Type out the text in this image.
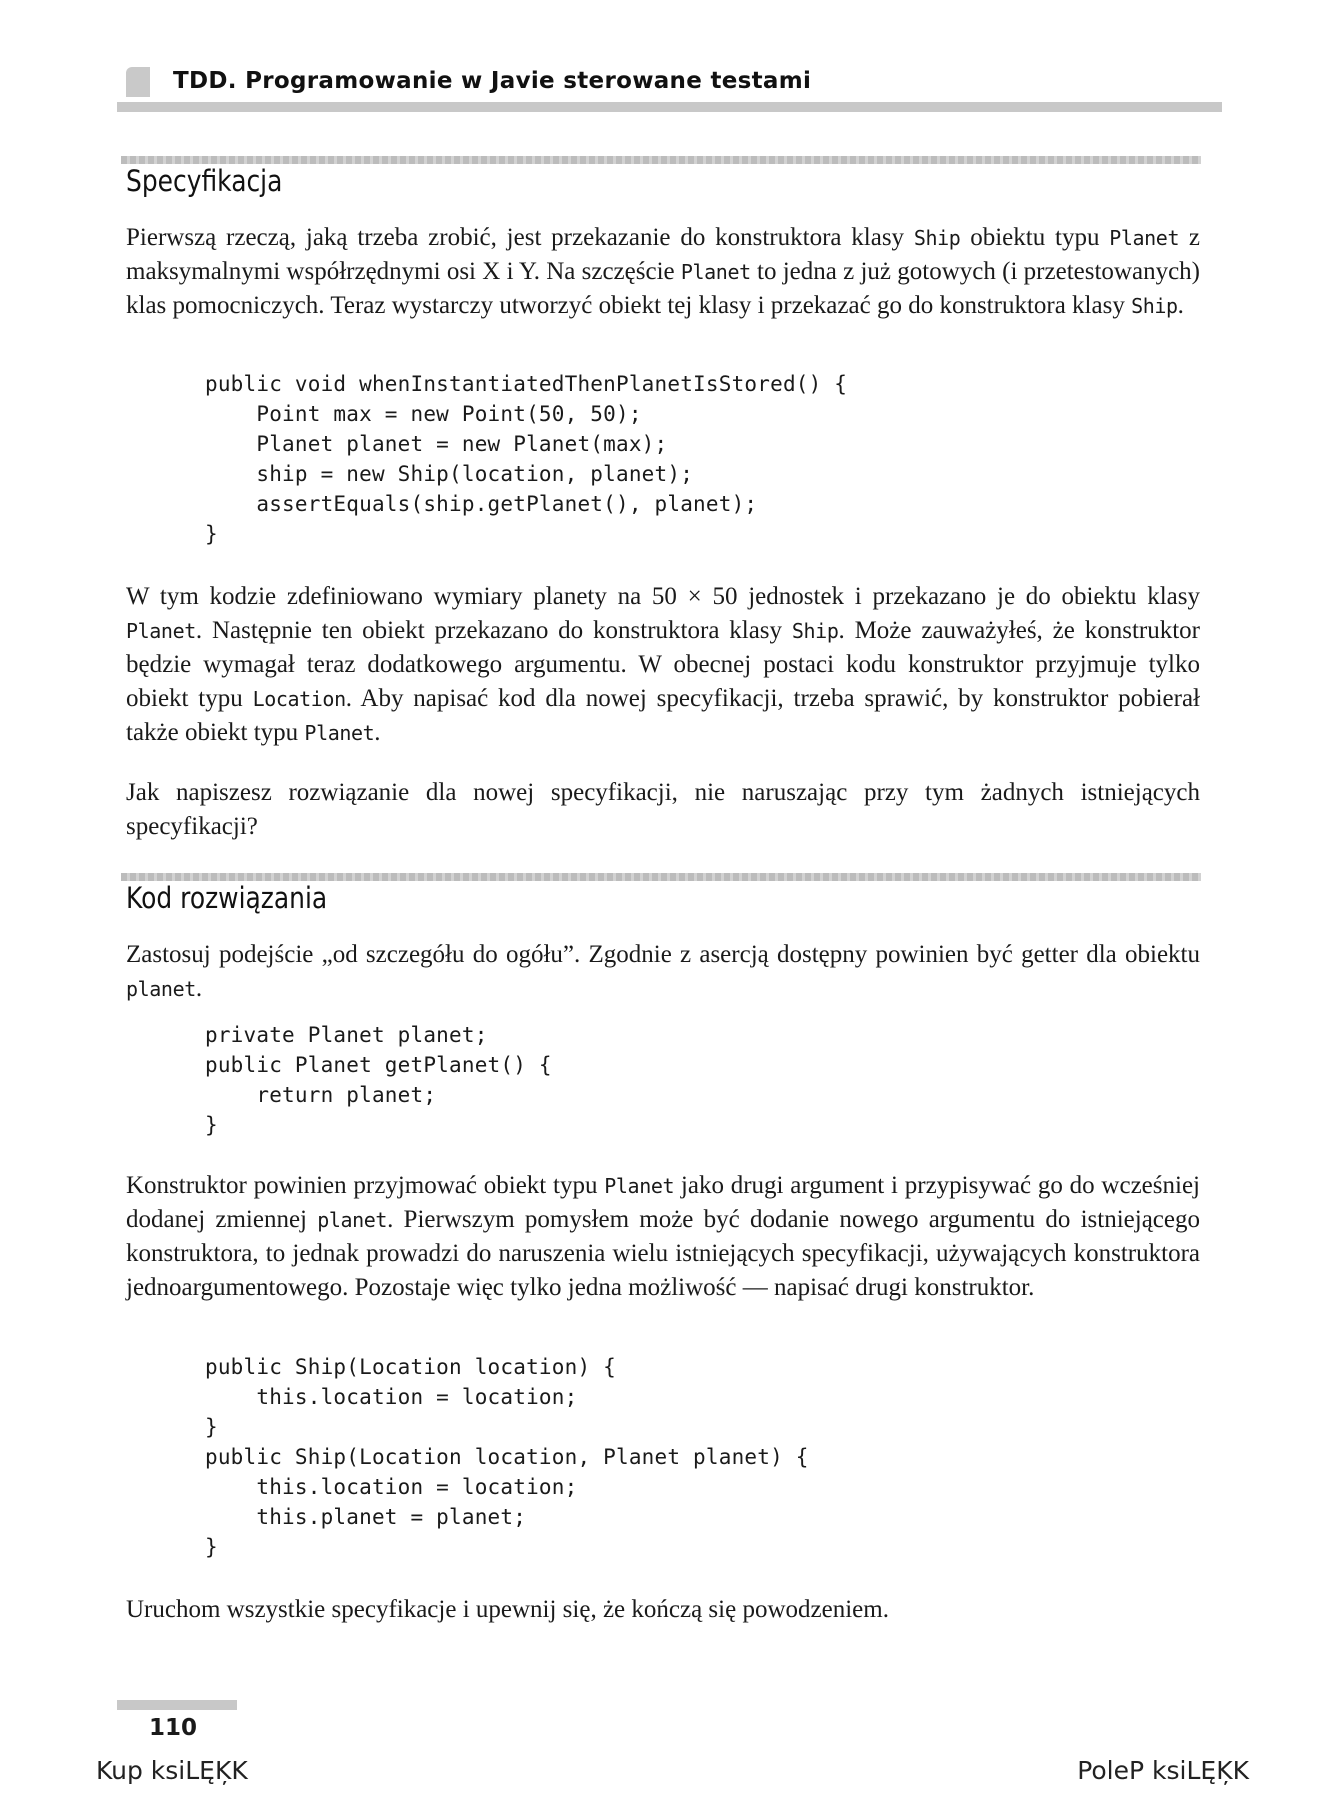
TDD. Programowanie w Javie sterowane testami
Specyfikacja

Pierwszą rzeczą, jaką trzeba zrobić, jest przekazanie do konstruktora klasy Ship obiektu typu Planet z maksymalnymi współrzędnymi osi X i Y. Na szczęście Planet to jedna z już gotowych (i przetestowanych) klas pomocniczych. Teraz wystarczy utworzyć obiekt tej klasy i przekazać go do konstruktora klasy Ship.

public void whenInstantiatedThenPlanetIsStored() {
Point max = new Point(50, 50);
Planet planet = new Planet(max);
ship = new Ship(location, planet);
assertEquals(ship.getPlanet(), planet);
}

W tym kodzie zdefiniowano wymiary planety na 50 × 50 jednostek i przekazano je do obiektu klasy Planet. Następnie ten obiekt przekazano do konstruktora klasy Ship. Może zauważyłeś, że konstruktor będzie wymagał teraz dodatkowego argumentu. W obecnej postaci kodu konstruktor przyjmuje tylko obiekt typu Location. Aby napisać kod dla nowej specyfikacji, trzeba sprawić, by konstruktor pobierał także obiekt typu Planet.

Jak napiszesz rozwiązanie dla nowej specyfikacji, nie naruszając przy tym żadnych istniejących specyfikacji?

Kod rozwiązania

Zastosuj podejście „od szczegółu do ogółu”. Zgodnie z asercją dostępny powinien być getter dla obiektu planet.

private Planet planet;
public Planet getPlanet() {
return planet;
}

Konstruktor powinien przyjmować obiekt typu Planet jako drugi argument i przypisywać go do wcześniej dodanej zmiennej planet. Pierwszym pomysłem może być dodanie nowego argumentu do istniejącego konstruktora, to jednak prowadzi do naruszenia wielu istniejących specyfikacji, używających konstruktora jednoargumentowego. Pozostaje więc tylko jedna możliwość — napisać drugi konstruktor.

public Ship(Location location) {
this.location = location;
}
public Ship(Location location, Planet planet) {
this.location = location;
this.planet = planet;
}

Uruchom wszystkie specyfikacje i upewnij się, że kończą się powodzeniem.

110
Kup ksiLĘĶK	PoleP ksiLĘĶK
